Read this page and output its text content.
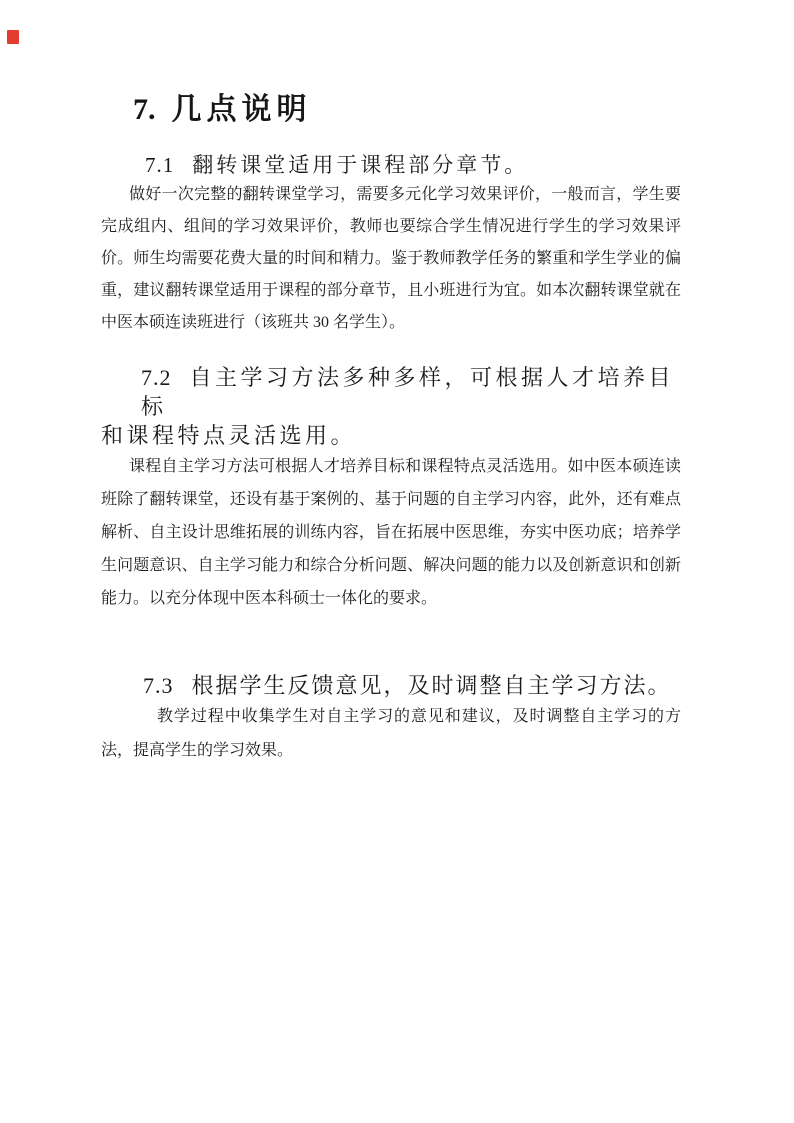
7. 几点说明
7.1 翻转课堂适用于课程部分章节。

做好一次完整的翻转课堂学习，需要多元化学习效果评价，一般而言，学生要完成组内、组间的学习效果评价，教师也要综合学生情况进行学生的学习效果评价。师生均需要花费大量的时间和精力。鉴于教师教学任务的繁重和学生学业的偏重，建议翻转课堂适用于课程的部分章节，且小班进行为宜。如本次翻转课堂就在中医本硕连读班进行（该班共 30 名学生）。

7.2 自主学习方法多种多样，可根据人才培养目标
和课程特点灵活选用。

课程自主学习方法可根据人才培养目标和课程特点灵活选用。如中医本硕连读班除了翻转课堂，还设有基于案例的、基于问题的自主学习内容，此外，还有难点解析、自主设计思维拓展的训练内容，旨在拓展中医思维，夯实中医功底；培养学生问题意识、自主学习能力和综合分析问题、解决问题的能力以及创新意识和创新能力。以充分体现中医本科硕士一体化的要求。

7.3 根据学生反馈意见，及时调整自主学习方法。

教学过程中收集学生对自主学习的意见和建议，及时调整自主学习的方法，提高学生的学习效果。
